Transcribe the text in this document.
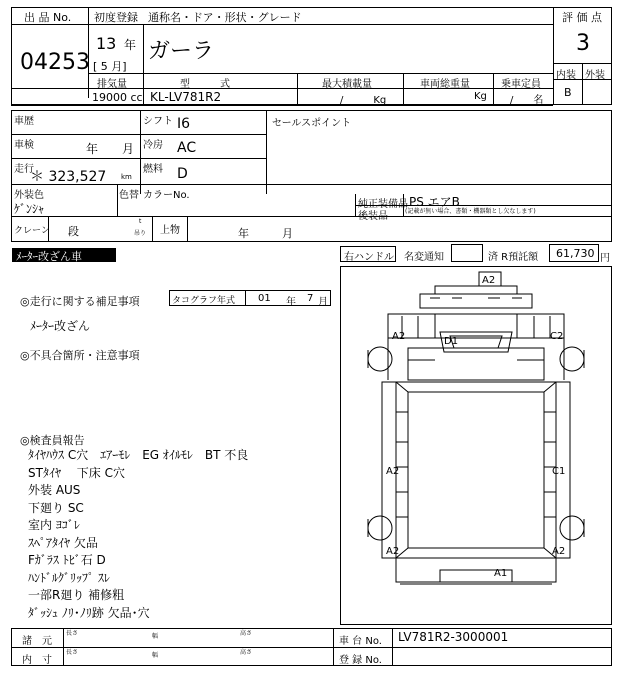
出 品 No.
04253
初度登録
13 年
[ 5 月]
通称名・ドア・形状・グレード
ガーラ
評 価 点
3
内装 外装
B
排気量
19000 cc
型　　　式
KL-LV781R2
最大積載量
/　　　Kg
車両総重量
Kg
乗車定員
/　　名
車歴	シフト I6	セールスポイント
車検	年　　月 冷房 AC
走行
＊ 323,527 km
燃料 D
外装色
ｹﾞﾝｼｬ
色替 カラーNo.
純正装備品 PS エアB
後装品	(記載が無い場合、書類・機器類とし欠なします)
クレーン 段
t
吊り 上物	年　　　月
ﾒｰﾀｰ改ざん車	右ハンドル 名変通知	済 R預託額 61,730 円
◎走行に関する補足事項	タコグラフ年式 01 年 7 月
ﾒｰﾀｰ改ざん
◎不具合箇所・注意事項
◎検査員報告
ﾀｲﾔﾊｳｽ C穴　ｴｱｰﾓﾚ　EG ｵｲﾙﾓﾚ　BT 不良
STﾀｲﾔ　 下床 C穴
外装 AUS
下廻り SC
室内 ﾖｺﾞﾚ
ｽﾍﾟｱﾀｲﾔ 欠品
Fｶﾞﾗｽ ﾄﾋﾞ石 D
ﾊﾝﾄﾞﾙｸﾞﾘｯﾌﾟ ｽﾚ
一部R廻り 補修粗
ﾀﾞｯｼｭ ﾉﾘ･ﾉﾘ跡 欠品･穴
A2
A2	D1	C2
A2	C1
A2	A2
A1
諸　元
長さ	幅	高さ
内　寸
長さ	幅	高さ
車 台 No. LV781R2-3000001
登 録 No.
